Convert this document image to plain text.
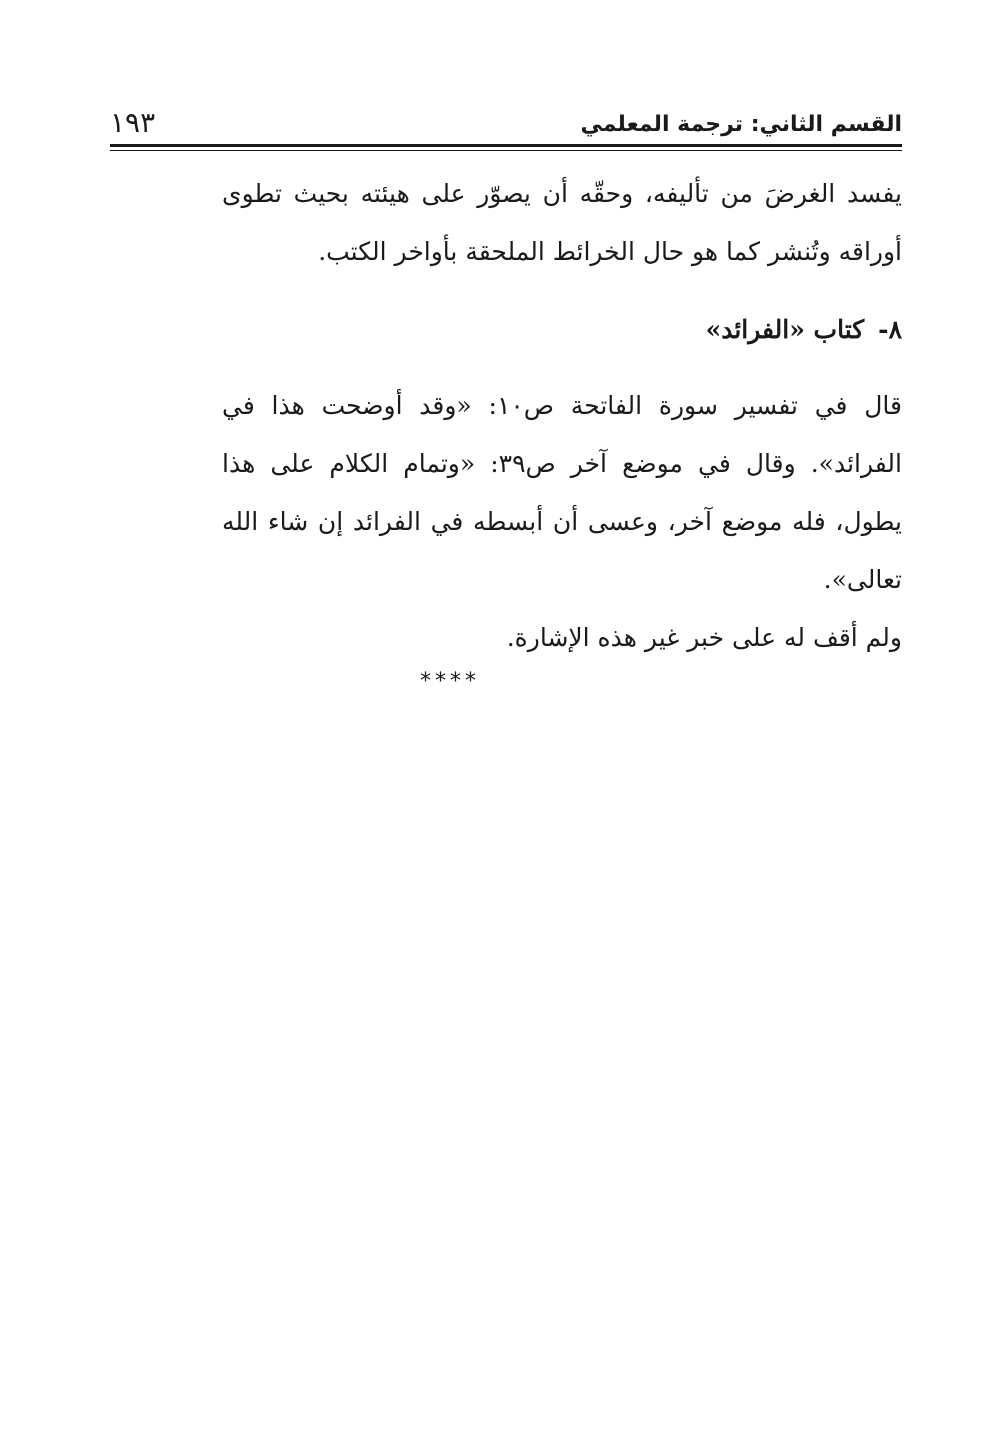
القسم الثاني: ترجمة المعلمي
١٩٣

يفسد الغرضَ من تأليفه، وحقّه أن يصوّر على هيئته بحيث تطوى أوراقه وتُنشر كما هو حال الخرائط الملحقة بأواخر الكتب.

٨-كتاب «الفرائد»

قال في تفسير سورة الفاتحة ص١٠: «وقد أوضحت هذا في الفرائد». وقال في موضع آخر ص٣٩: «وتمام الكلام على هذا يطول، فله موضع آخر، وعسى أن أبسطه في الفرائد إن شاء الله تعالى».

ولم أقف له على خبر غير هذه الإشارة.

****
